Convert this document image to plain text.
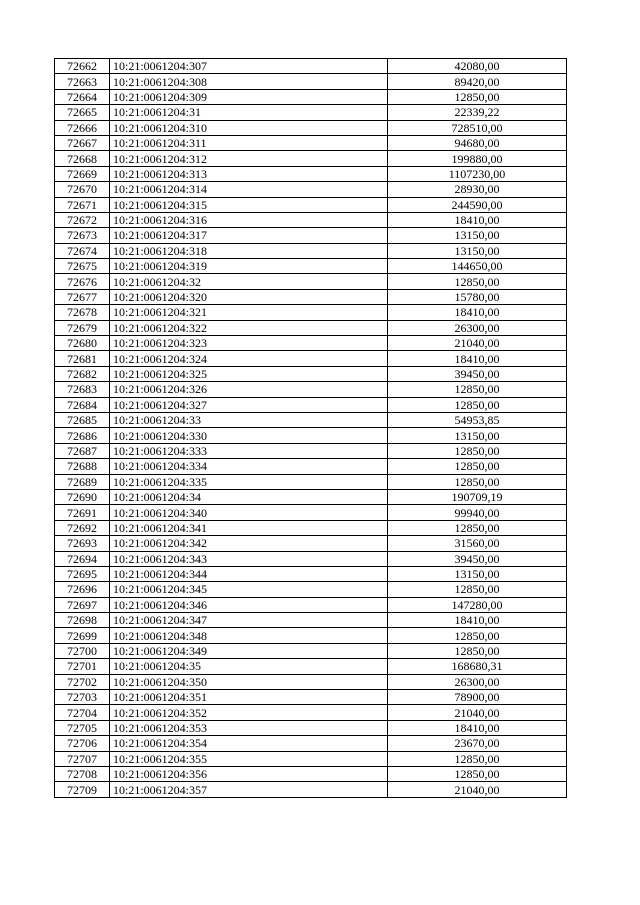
72662	10:21:0061204:307	42080,00
72663	10:21:0061204:308	89420,00
72664	10:21:0061204:309	12850,00
72665	10:21:0061204:31	22339,22
72666	10:21:0061204:310	728510,00
72667	10:21:0061204:311	94680,00
72668	10:21:0061204:312	199880,00
72669	10:21:0061204:313	1107230,00
72670	10:21:0061204:314	28930,00
72671	10:21:0061204:315	244590,00
72672	10:21:0061204:316	18410,00
72673	10:21:0061204:317	13150,00
72674	10:21:0061204:318	13150,00
72675	10:21:0061204:319	144650,00
72676	10:21:0061204:32	12850,00
72677	10:21:0061204:320	15780,00
72678	10:21:0061204:321	18410,00
72679	10:21:0061204:322	26300,00
72680	10:21:0061204:323	21040,00
72681	10:21:0061204:324	18410,00
72682	10:21:0061204:325	39450,00
72683	10:21:0061204:326	12850,00
72684	10:21:0061204:327	12850,00
72685	10:21:0061204:33	54953,85
72686	10:21:0061204:330	13150,00
72687	10:21:0061204:333	12850,00
72688	10:21:0061204:334	12850,00
72689	10:21:0061204:335	12850,00
72690	10:21:0061204:34	190709,19
72691	10:21:0061204:340	99940,00
72692	10:21:0061204:341	12850,00
72693	10:21:0061204:342	31560,00
72694	10:21:0061204:343	39450,00
72695	10:21:0061204:344	13150,00
72696	10:21:0061204:345	12850,00
72697	10:21:0061204:346	147280,00
72698	10:21:0061204:347	18410,00
72699	10:21:0061204:348	12850,00
72700	10:21:0061204:349	12850,00
72701	10:21:0061204:35	168680,31
72702	10:21:0061204:350	26300,00
72703	10:21:0061204:351	78900,00
72704	10:21:0061204:352	21040,00
72705	10:21:0061204:353	18410,00
72706	10:21:0061204:354	23670,00
72707	10:21:0061204:355	12850,00
72708	10:21:0061204:356	12850,00
72709	10:21:0061204:357	21040,00
